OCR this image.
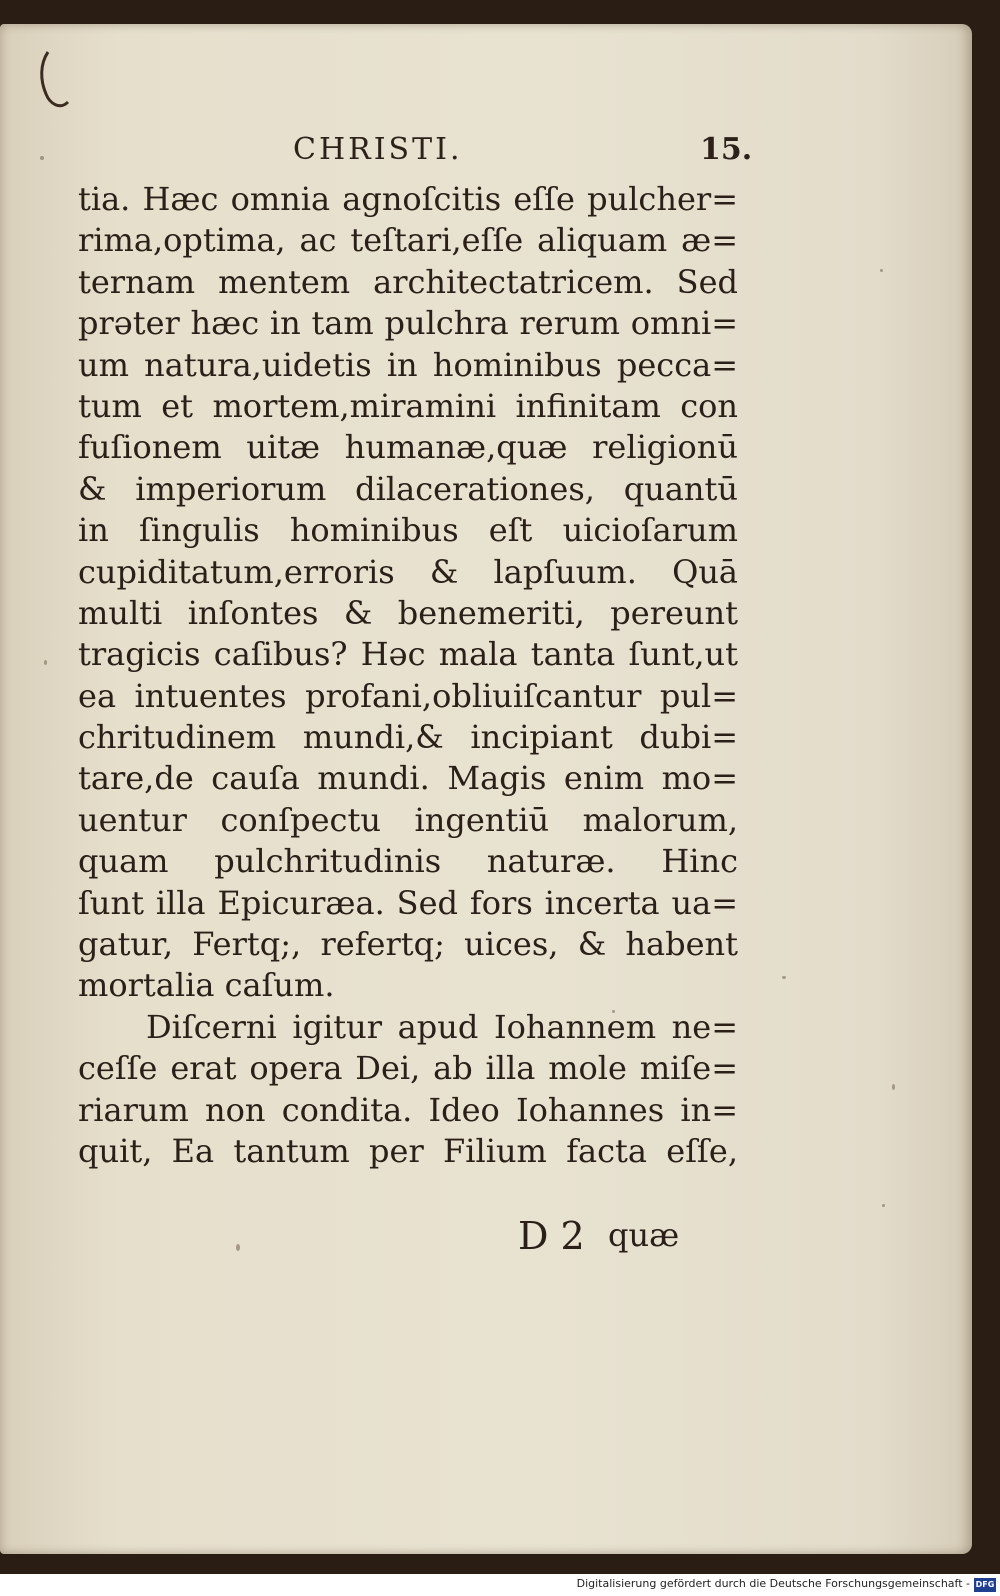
CHRISTI.	15.
tia. Hæc omnia agnoſcitis eſſe pulcher=
rima,optima, ac teſtari,eſſe aliquam æ=
ternam mentem architectatricem. Sed
prǝter hæc in tam pulchra rerum omni=
um natura,uidetis in hominibus pecca=
tum et mortem,miramini infinitam con
fuſionem uitæ humanæ,quæ religionū
& imperiorum dilacerationes, quantū
in ſingulis hominibus eſt uicioſarum
cupiditatum,erroris & lapſuum. Quā
multi inſontes & benemeriti, pereunt
tragicis caſibus? Hǝc mala tanta ſunt,ut
ea intuentes profani,obliuiſcantur pul=
chritudinem mundi,& incipiant dubi=
tare,de cauſa mundi. Magis enim mo=
uentur conſpectu ingentiū malorum,
quam pulchritudinis naturæ. Hinc
ſunt illa Epicuræa. Sed fors incerta ua=
gatur, Fertq;, refertq; uices, & habent
mortalia caſum.
Diſcerni igitur apud Iohannem ne=
ceſſe erat opera Dei, ab illa mole miſe=
riarum non condita. Ideo Iohannes in=
quit, Ea tantum per Filium facta eſſe,
D 2 quæ
Digitalisierung gefördert durch die Deutsche Forschungsgemeinschaft - DFG
